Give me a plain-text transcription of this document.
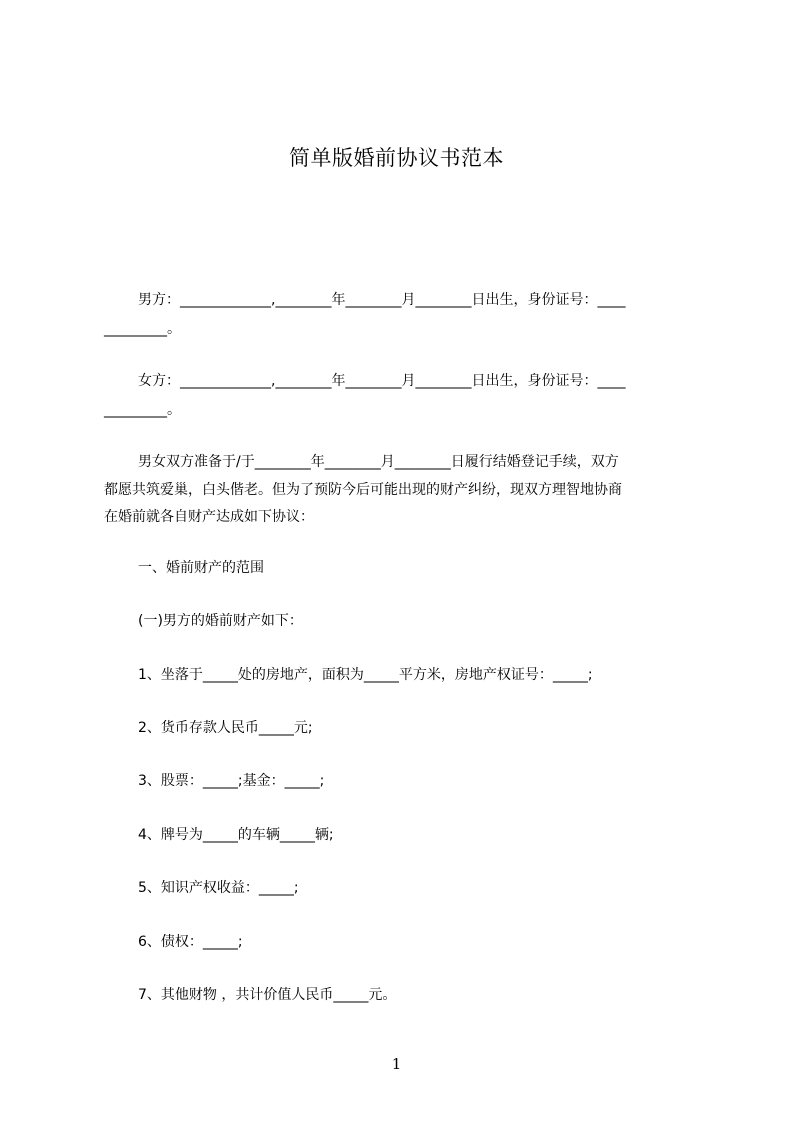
简单版婚前协议书范本
男方：_____________,________年________月________日出生，身份证号：____
_________。
女方：_____________,________年________月________日出生，身份证号：____
_________。
男女双方准备于/于________年________月________日履行结婚登记手续，双方
都愿共筑爱巢，白头偕老。但为了预防今后可能出现的财产纠纷，现双方理智地协商
在婚前就各自财产达成如下协议：
一、婚前财产的范围
(一)男方的婚前财产如下：
1、坐落于_____处的房地产，面积为_____平方米，房地产权证号：_____;
2、货币存款人民币_____元;
3、股票：_____;基金：_____;
4、牌号为_____的车辆_____辆;
5、知识产权收益：_____;
6、债权：_____;
7、其他财物 ，共计价值人民币_____元。
1
